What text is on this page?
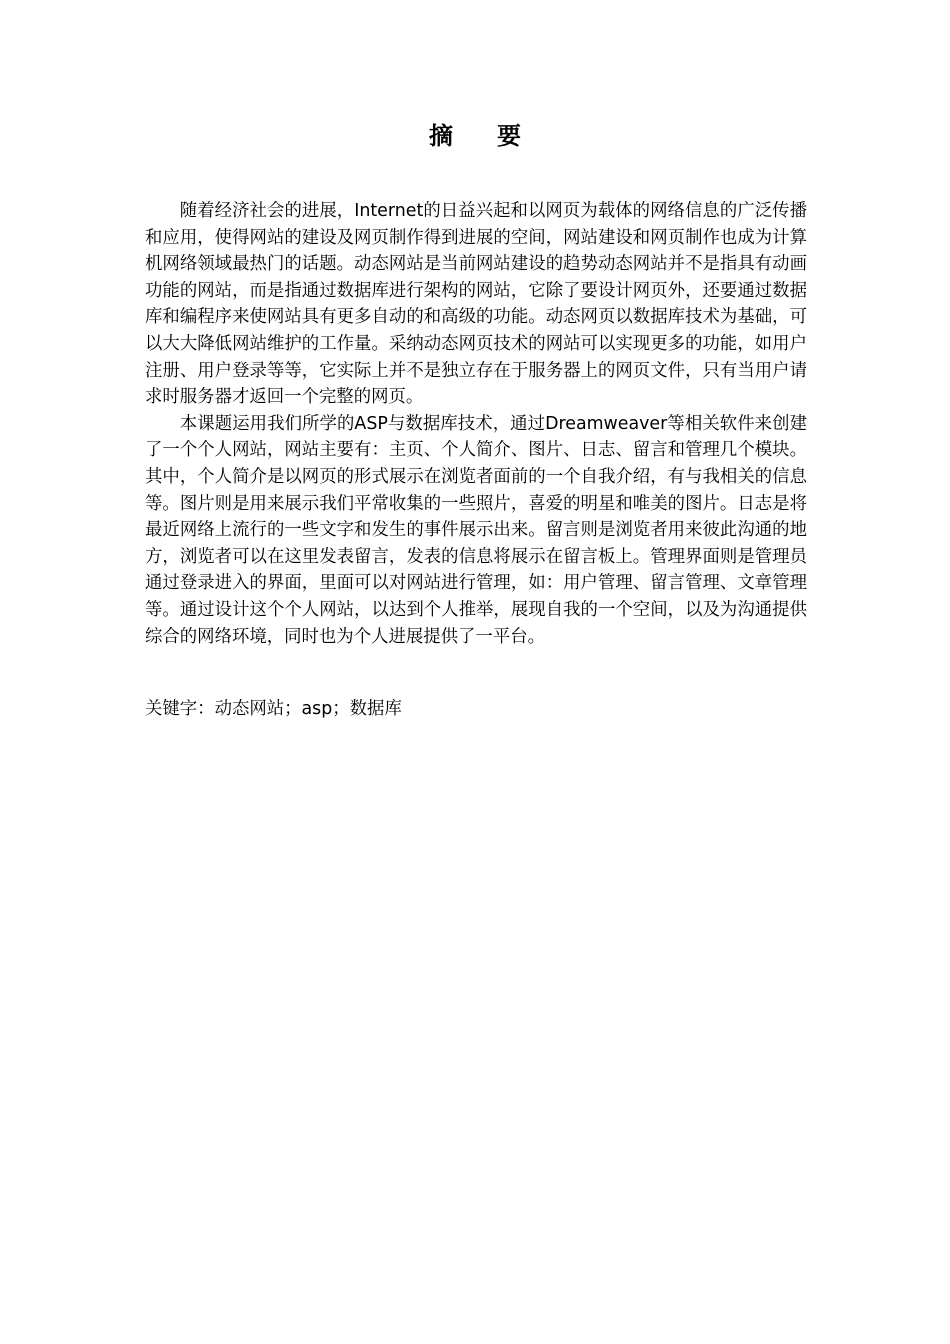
摘要

随着经济社会的进展，Internet的日益兴起和以网页为载体的网络信息的广泛传播和应用，使得网站的建设及网页制作得到进展的空间，网站建设和网页制作也成为计算机网络领域最热门的话题。动态网站是当前网站建设的趋势动态网站并不是指具有动画功能的网站，而是指通过数据库进行架构的网站，它除了要设计网页外，还要通过数据库和编程序来使网站具有更多自动的和高级的功能。动态网页以数据库技术为基础，可以大大降低网站维护的工作量。采纳动态网页技术的网站可以实现更多的功能，如用户注册、用户登录等等，它实际上并不是独立存在于服务器上的网页文件，只有当用户请求时服务器才返回一个完整的网页。

本课题运用我们所学的ASP与数据库技术，通过Dreamweaver等相关软件来创建了一个个人网站，网站主要有：主页、个人简介、图片、日志、留言和管理几个模块。其中，个人简介是以网页的形式展示在浏览者面前的一个自我介绍，有与我相关的信息等。图片则是用来展示我们平常收集的一些照片，喜爱的明星和唯美的图片。日志是将最近网络上流行的一些文字和发生的事件展示出来。留言则是浏览者用来彼此沟通的地方，浏览者可以在这里发表留言，发表的信息将展示在留言板上。管理界面则是管理员通过登录进入的界面，里面可以对网站进行管理，如：用户管理、留言管理、文章管理等。通过设计这个个人网站，以达到个人推举，展现自我的一个空间，以及为沟通提供综合的网络环境，同时也为个人进展提供了一平台。

关键字：动态网站；asp；数据库
